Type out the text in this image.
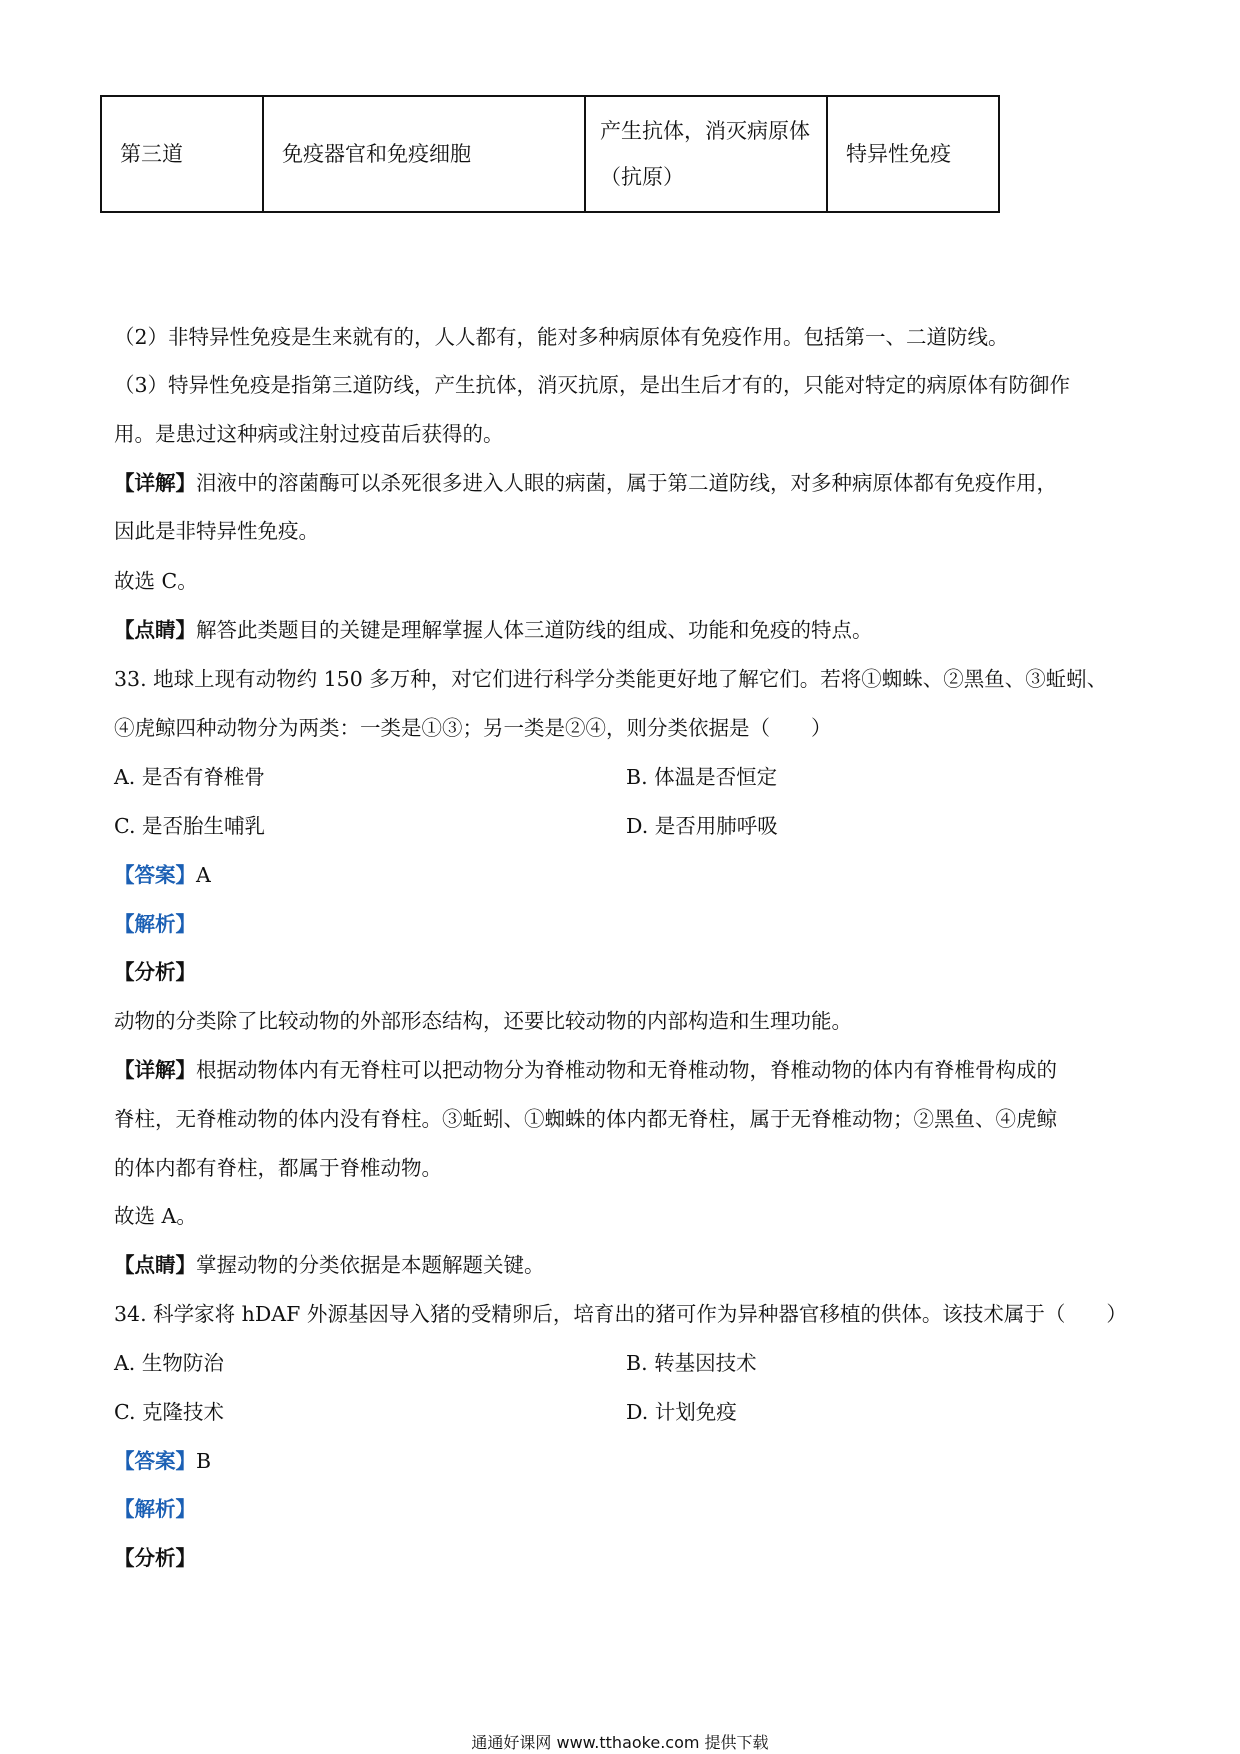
第三道	免疫器官和免疫细胞	产生抗体，消灭病原体（抗原）	特异性免疫
（2）非特异性免疫是生来就有的，人人都有，能对多种病原体有免疫作用。包括第一、二道防线。
（3）特异性免疫是指第三道防线，产生抗体，消灭抗原，是出生后才有的，只能对特定的病原体有防御作
用。是患过这种病或注射过疫苗后获得的。
【详解】泪液中的溶菌酶可以杀死很多进入人眼的病菌，属于第二道防线，对多种病原体都有免疫作用，
因此是非特异性免疫。
故选 C。
【点睛】解答此类题目的关键是理解掌握人体三道防线的组成、功能和免疫的特点。
33. 地球上现有动物约 150 多万种，对它们进行科学分类能更好地了解它们。若将①蜘蛛、②黑鱼、③蚯蚓、
④虎鲸四种动物分为两类：一类是①③；另一类是②④，则分类依据是（　　）
A. 是否有脊椎骨	B. 体温是否恒定
C. 是否胎生哺乳	D. 是否用肺呼吸
【答案】A
【解析】
【分析】
动物的分类除了比较动物的外部形态结构，还要比较动物的内部构造和生理功能。
【详解】根据动物体内有无脊柱可以把动物分为脊椎动物和无脊椎动物，脊椎动物的体内有脊椎骨构成的
脊柱，无脊椎动物的体内没有脊柱。③蚯蚓、①蜘蛛的体内都无脊柱，属于无脊椎动物；②黑鱼、④虎鲸
的体内都有脊柱，都属于脊椎动物。
故选 A。
【点睛】掌握动物的分类依据是本题解题关键。
34. 科学家将 hDAF 外源基因导入猪的受精卵后，培育出的猪可作为异种器官移植的供体。该技术属于（　　）
A. 生物防治	B. 转基因技术
C. 克隆技术	D. 计划免疫
【答案】B
【解析】
【分析】
通通好课网 www.tthaoke.com 提供下载
